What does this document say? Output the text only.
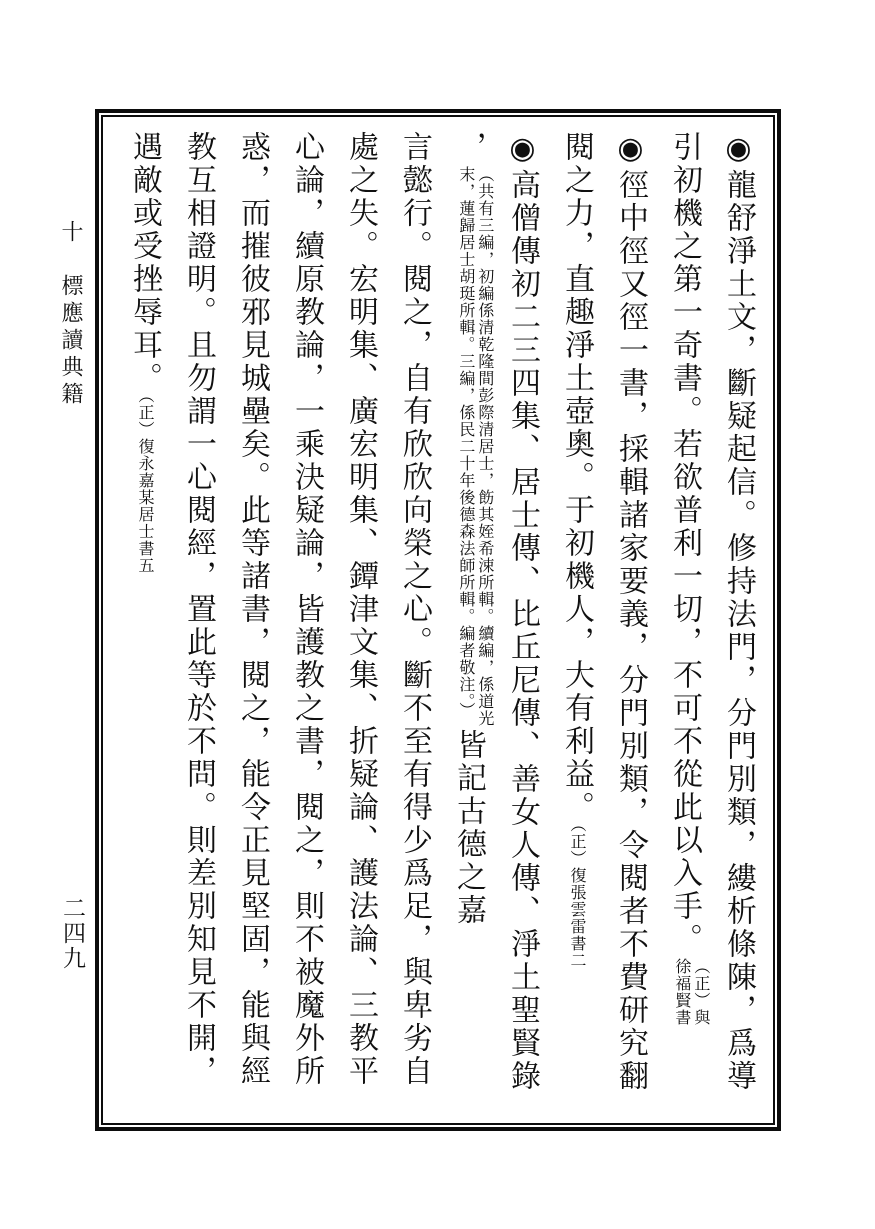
十　標應讀典籍
二四九	◉龍舒淨土文，斷疑起信。修持法門，分門別類，縷析條陳，爲導
引初機之第一奇書。若欲普利一切，不可不從此以入手。
（正）與
徐福賢書
◉徑中徑又徑一書，採輯諸家要義，分門別類，令閱者不費研究翻
閱之力，直趣淨土壺奧。于初機人，大有利益。（正）復張雲雷書二
◉高僧傳初二三四集、居士傳、比丘尼傳、善女人傳、淨土聖賢錄
，
（共有三編，初編係清乾隆間彭際清居士，飭其姪希涑所輯。續編，係道光
末，蓮歸居士胡珽所輯。三編，係民二十年後德森法師所輯。編者敬注。）
皆記古德之嘉
言懿行。閱之，自有欣欣向榮之心。斷不至有得少爲足，與卑劣自
處之失。宏明集、廣宏明集、鐔津文集、折疑論、護法論、三教平
心論，續原教論，一乘決疑論，皆護教之書，閱之，則不被魔外所
惑，而摧彼邪見城壘矣。此等諸書，閱之，能令正見堅固，能與經
教互相證明。且勿謂一心閱經，置此等於不問。則差別知見不開，
遇敵或受挫辱耳。（正）復永嘉某居士書五
